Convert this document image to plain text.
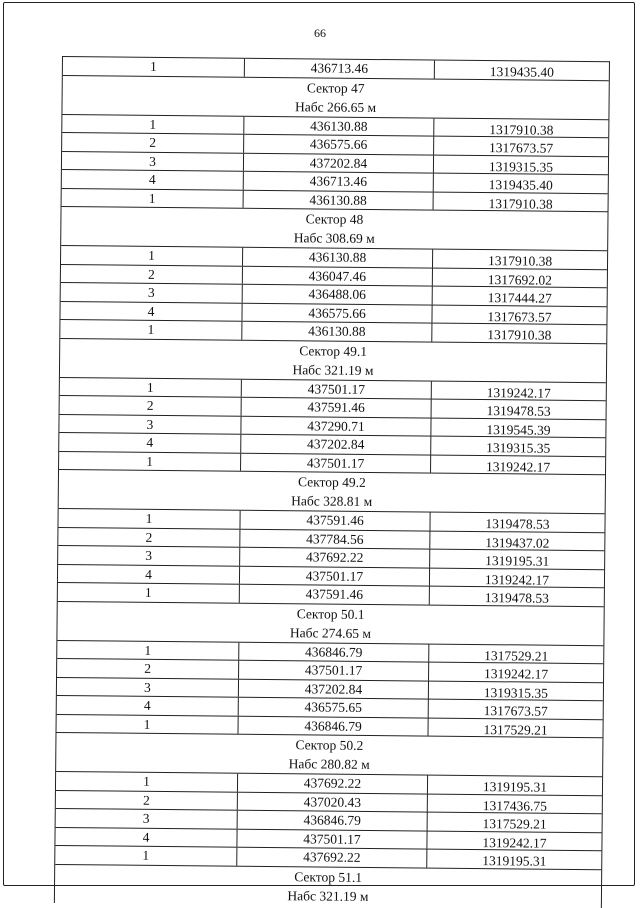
66
1	436713.46	1319435.40
Сектор 47
Набс 266.65 м
1	436130.88	1317910.38
2	436575.66	1317673.57
3	437202.84	1319315.35
4	436713.46	1319435.40
1	436130.88	1317910.38
Сектор 48
Набс 308.69 м
1	436130.88	1317910.38
2	436047.46	1317692.02
3	436488.06	1317444.27
4	436575.66	1317673.57
1	436130.88	1317910.38
Сектор 49.1
Набс 321.19 м
1	437501.17	1319242.17
2	437591.46	1319478.53
3	437290.71	1319545.39
4	437202.84	1319315.35
1	437501.17	1319242.17
Сектор 49.2
Набс 328.81 м
1	437591.46	1319478.53
2	437784.56	1319437.02
3	437692.22	1319195.31
4	437501.17	1319242.17
1	437591.46	1319478.53
Сектор 50.1
Набс 274.65 м
1	436846.79	1317529.21
2	437501.17	1319242.17
3	437202.84	1319315.35
4	436575.65	1317673.57
1	436846.79	1317529.21
Сектор 50.2
Набс 280.82 м
1	437692.22	1319195.31
2	437020.43	1317436.75
3	436846.79	1317529.21
4	437501.17	1319242.17
1	437692.22	1319195.31
Сектор 51.1
Набс 321.19 м
